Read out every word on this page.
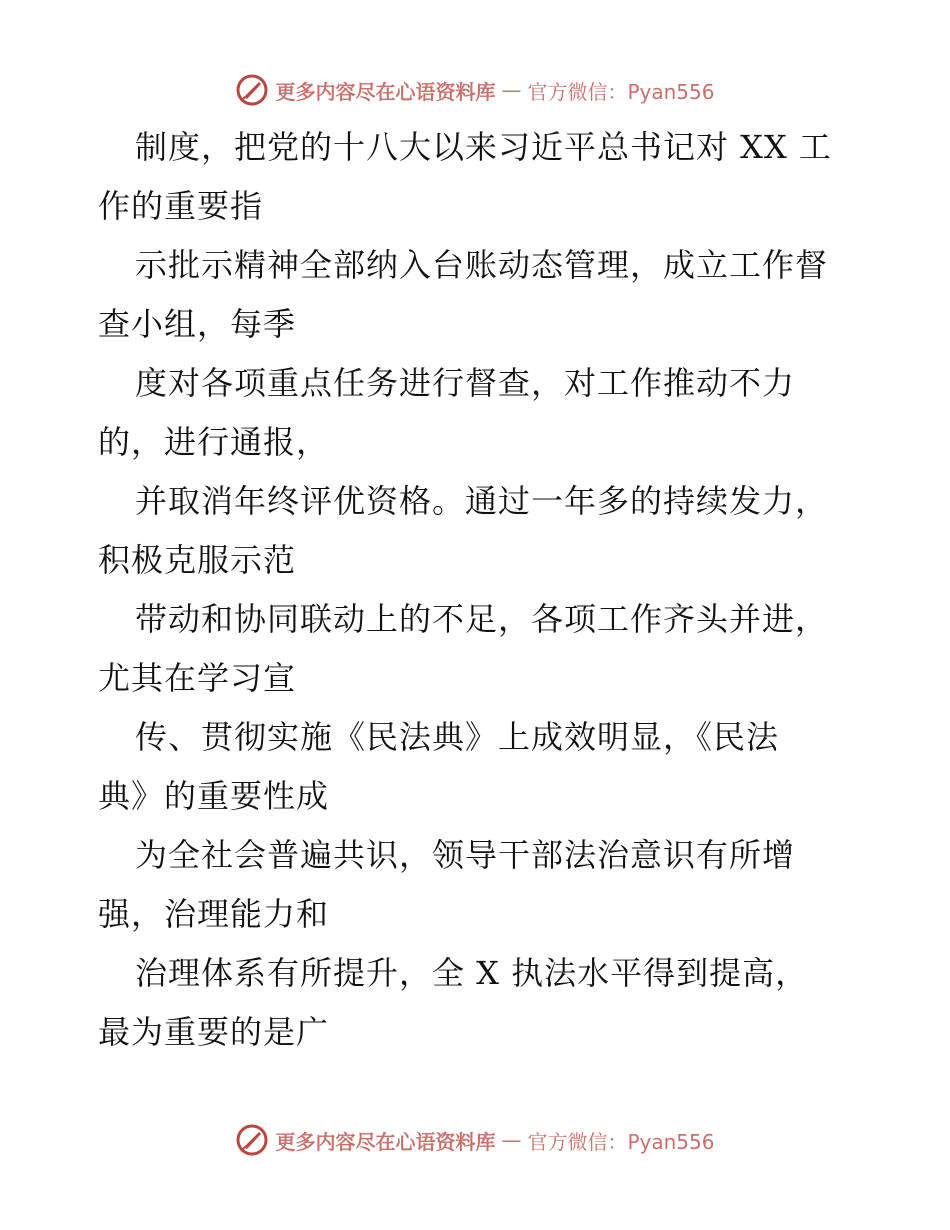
更多内容尽在心语资料库 — 官方微信：Pyan556
制度，把党的十八大以来习近平总书记对 XX 工
作的重要指
示批示精神全部纳入台账动态管理，成立工作督
查小组，每季
度对各项重点任务进行督查，对工作推动不力
的，进行通报，
并取消年终评优资格。通过一年多的持续发力，
积极克服示范
带动和协同联动上的不足，各项工作齐头并进，
尤其在学习宣
传、贯彻实施《民法典》上成效明显，《民法
典》的重要性成
为全社会普遍共识，领导干部法治意识有所增
强，治理能力和
治理体系有所提升，全 X 执法水平得到提高，
最为重要的是广
更多内容尽在心语资料库 — 官方微信：Pyan556
